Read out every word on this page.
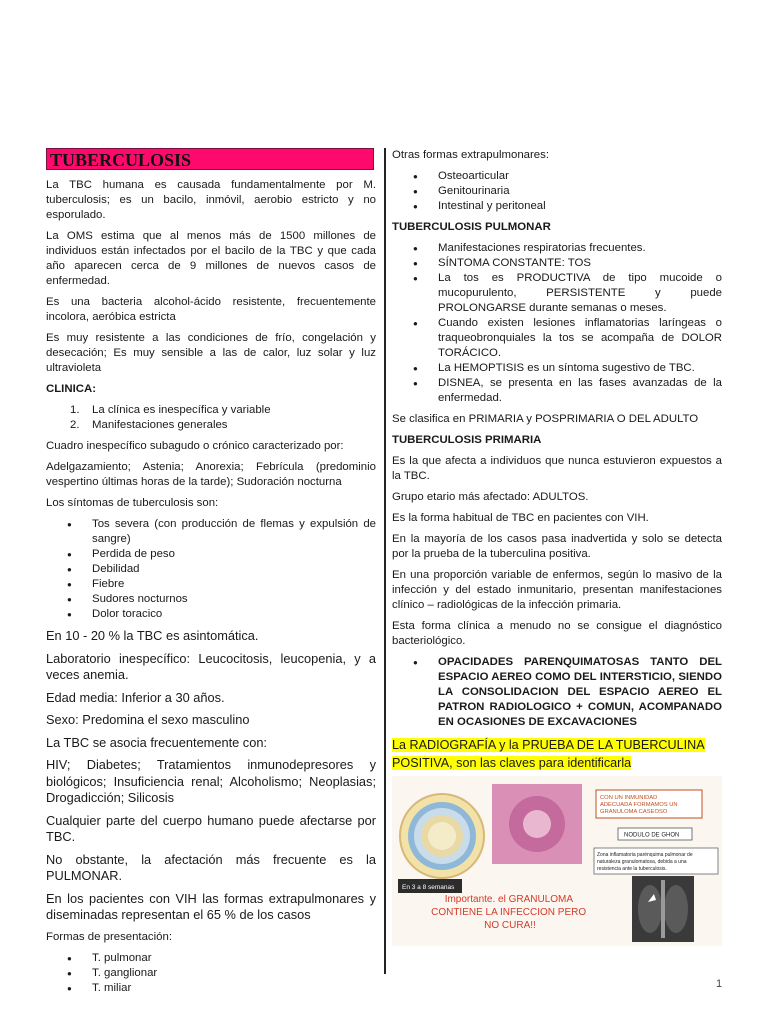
TUBERCULOSIS

La TBC humana es causada fundamentalmente por M. tuberculosis; es un bacilo, inmóvil, aerobio estricto y no esporulado.

La OMS estima que al menos más de 1500 millones de individuos están infectados por el bacilo de la TBC y que cada año aparecen cerca de 9 millones de nuevos casos de enfermedad.

Es una bacteria alcohol-ácido resistente, frecuentemente incolora, aeróbica estricta

Es muy resistente a las condiciones de frío, congelación y desecación; Es muy sensible a las de calor, luz solar y luz ultravioleta

CLINICA:

1. La clínica es inespecífica y variable
2. Manifestaciones generales

Cuadro inespecífico subagudo o crónico caracterizado por:

Adelgazamiento; Astenia; Anorexia; Febrícula (predominio vespertino últimas horas de la tarde); Sudoración nocturna

Los síntomas de tuberculosis son:

● Tos severa (con producción de flemas y expulsión de sangre)
● Perdida de peso
● Debilidad
● Fiebre
● Sudores nocturnos
● Dolor toracico

En 10 - 20 % la TBC es asintomática.

Laboratorio inespecífico: Leucocitosis, leucopenia, y a veces anemia.

Edad media: Inferior a 30 años.

Sexo: Predomina el sexo masculino

La TBC se asocia frecuentemente con:

HIV; Diabetes; Tratamientos inmunodepresores y biológicos; Insuficiencia renal; Alcoholismo; Neoplasias; Drogadicción; Silicosis

Cualquier parte del cuerpo humano puede afectarse por TBC.

No obstante, la afectación más frecuente es la PULMONAR.

En los pacientes con VIH las formas extrapulmonares y diseminadas representan el 65 % de los casos

Formas de presentación:

● T. pulmonar
● T. ganglionar
● T. miliar

Otras formas extrapulmonares:

● Osteoarticular
● Genitourinaria
● Intestinal y peritoneal

TUBERCULOSIS PULMONAR

● Manifestaciones respiratorias frecuentes.
● SÍNTOMA CONSTANTE: TOS
● La tos es PRODUCTIVA de tipo mucoide o mucopurulento, PERSISTENTE y puede PROLONGARSE durante semanas o meses.
● Cuando existen lesiones inflamatorias laríngeas o traqueobronquiales la tos se acompaña de DOLOR TORÁCICO.
● La HEMOPTISIS es un síntoma sugestivo de TBC.
● DISNEA, se presenta en las fases avanzadas de la enfermedad.

Se clasifica en PRIMARIA y POSPRIMARIA O DEL ADULTO

TUBERCULOSIS PRIMARIA

Es la que afecta a individuos que nunca estuvieron expuestos a la TBC.

Grupo etario más afectado: ADULTOS.

Es la forma habitual de TBC en pacientes con VIH.

En la mayoría de los casos pasa inadvertida y solo se detecta por la prueba de la tuberculina positiva.

En una proporción variable de enfermos, según lo masivo de la infección y del estado inmunitario, presentan manifestaciones clínico – radiológicas de la infección primaria.

Esta forma clínica a menudo no se consigue el diagnóstico bacteriológico.

● OPACIDADES PARENQUIMATOSAS TANTO DEL ESPACIO AEREO COMO DEL INTERSTICIO, SIENDO LA CONSOLIDACION DEL ESPACIO AEREO EL PATRON RADIOLOGICO + COMUN, ACOMPANADO EN OCASIONES DE EXCAVACIONES

La RADIOGRAFÍA y la PRUEBA DE LA TUBERCULINA POSITIVA, son las claves para identificarla

En 3 a 8 semanas
CON UN INMUNIDAD ADECUADA FORMAMOS UN GRANULOMA CASEOSO
NODULO DE GHON
Zona inflamatoria parénquima pulmonar de naturaleza granulomatosa, debida a una resistencia ante la tuberculosis.
Importante. el GRANULOMA CONTIENE LA INFECCION PERO NO CURA!!
1
